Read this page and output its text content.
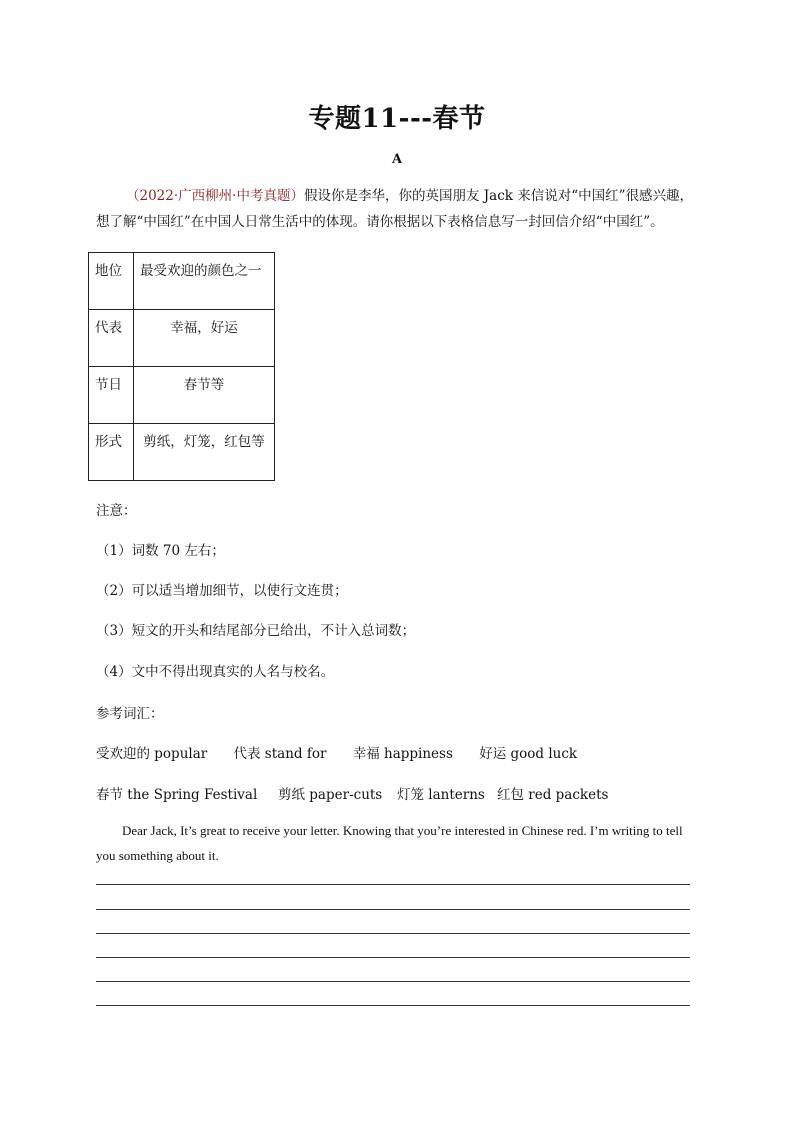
专题11---春节
A
（2022·广西柳州·中考真题）假设你是李华，你的英国朋友 Jack 来信说对“中国红”很感兴趣，想了解“中国红”在中国人日常生活中的体现。请你根据以下表格信息写一封回信介绍“中国红”。
地位	最受欢迎的颜色之一
代表	幸福，好运
节日	春节等
形式	剪纸，灯笼，红包等
注意：
（1）词数 70 左右；
（2）可以适当增加细节，以使行文连贯；
（3）短文的开头和结尾部分已给出，不计入总词数；
（4）文中不得出现真实的人名与校名。
参考词汇：
受欢迎的 popular 代表 stand for 幸福 happiness 好运 good luck
春节 the Spring Festival 剪纸 paper-cuts 灯笼 lanterns 红包 red packets
Dear Jack, It’s great to receive your letter. Knowing that you’re interested in Chinese red. I’m writing to tell you something about it.
